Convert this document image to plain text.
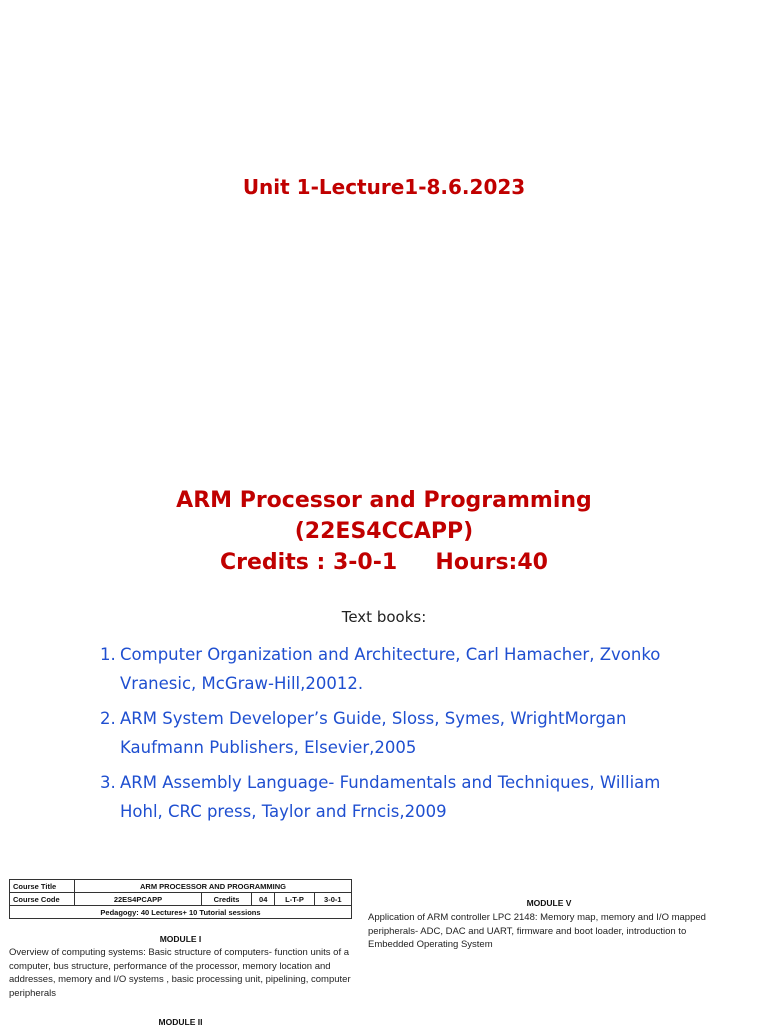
Unit 1-Lecture1-8.6.2023
ARM Processor and Programming
(22ES4CCAPP)
Credits : 3-0-1     Hours:40
Text books:
1. Computer Organization and Architecture, Carl Hamacher, Zvonko Vranesic, McGraw-Hill,20012.
2. ARM System Developer’s Guide, Sloss, Symes, WrightMorgan Kaufmann Publishers, Elsevier,2005
3. ARM Assembly Language- Fundamentals and Techniques, William Hohl, CRC press, Taylor and Frncis,2009
Course Title	ARM PROCESSOR AND PROGRAMMING				
Course Code	22ES4PCAPP	Credits	04	L-T-P	3-0-1
Pedagogy: 40 Lectures+ 10 Tutorial sessions					
MODULE I
Overview of computing systems: Basic structure of computers- function units of a computer, bus structure, performance of the processor, memory location and addresses, memory and I/O systems , basic processing unit, pipelining, computer peripherals
MODULE II
MODULE V
Application of ARM controller LPC 2148: Memory map, memory and I/O mapped peripherals- ADC, DAC and UART, firmware and boot loader, introduction to Embedded Operating System
